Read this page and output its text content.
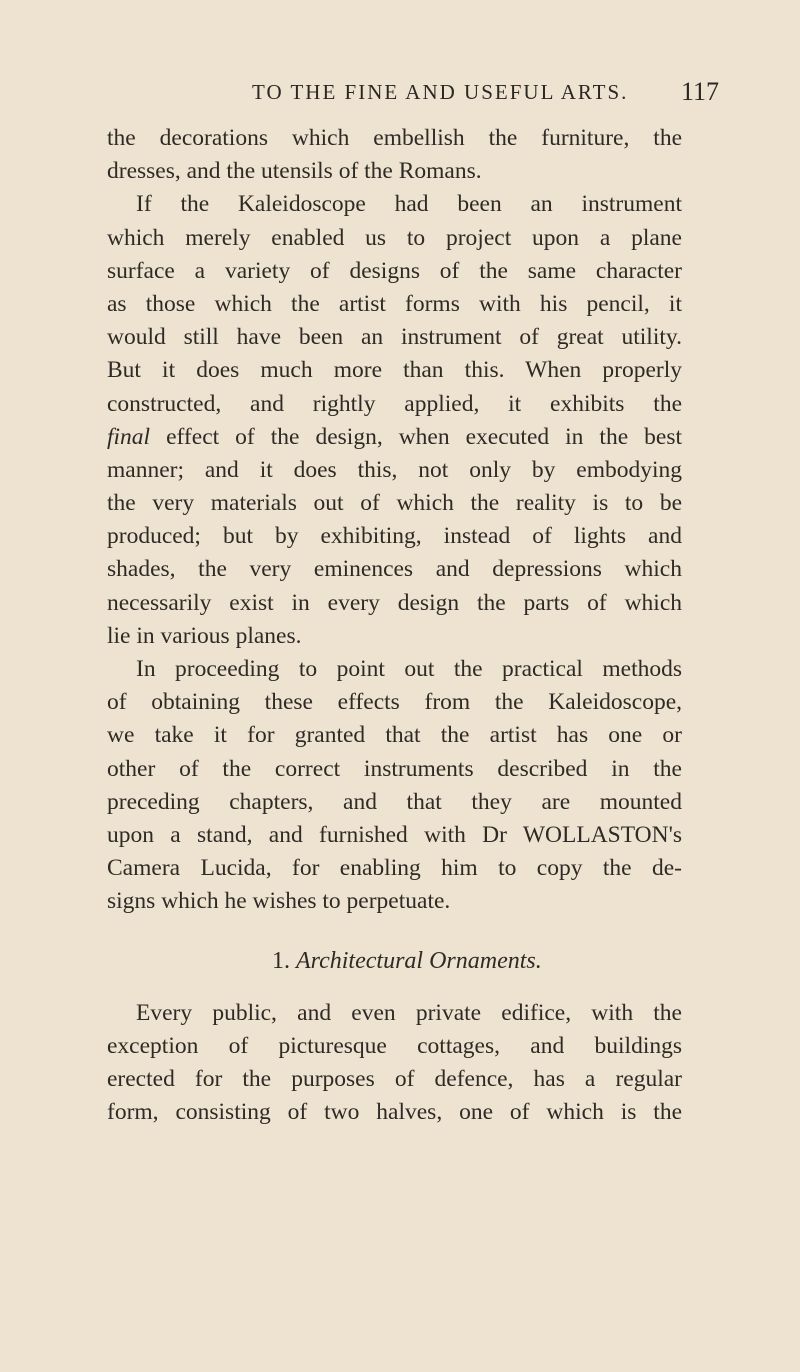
TO THE FINE AND USEFUL ARTS. 117
the decorations which embellish the furniture, the
dresses, and the utensils of the Romans.
If the Kaleidoscope had been an instrument
which merely enabled us to project upon a plane
surface a variety of designs of the same character
as those which the artist forms with his pencil, it
would still have been an instrument of great utility.
But it does much more than this. When properly
constructed, and rightly applied, it exhibits the
final effect of the design, when executed in the best
manner; and it does this, not only by embodying
the very materials out of which the reality is to be
produced; but by exhibiting, instead of lights and
shades, the very eminences and depressions which
necessarily exist in every design the parts of which
lie in various planes.
In proceeding to point out the practical methods
of obtaining these effects from the Kaleidoscope,
we take it for granted that the artist has one or
other of the correct instruments described in the
preceding chapters, and that they are mounted
upon a stand, and furnished with Dr WOLLASTON's
Camera Lucida, for enabling him to copy the de-
signs which he wishes to perpetuate.
1. Architectural Ornaments.
Every public, and even private edifice, with the
exception of picturesque cottages, and buildings
erected for the purposes of defence, has a regular
form, consisting of two halves, one of which is the
